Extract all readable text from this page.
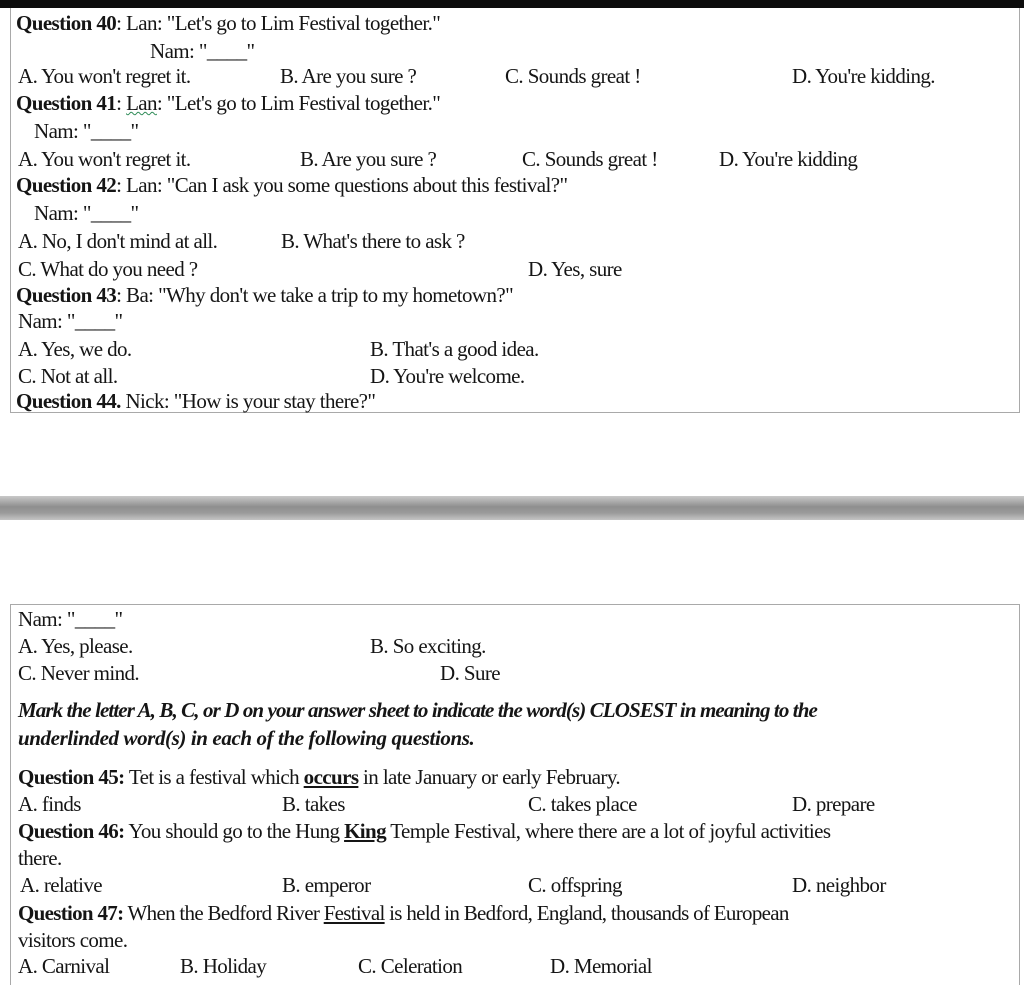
Question 40: Lan: "Let's go to Lim Festival together."
Nam: "____"
A. You won't regret it.	B. Are you sure ?	C. Sounds great !	D. You're kidding.
Question 41: Lan: "Let's go to Lim Festival together."
Nam: "____"
A. You won't regret it.	B. Are you sure ?	C. Sounds great !	D. You're kidding
Question 42: Lan: "Can I ask you some questions about this festival?"
Nam: "____"
A. No, I don't mind at all.	B. What's there to ask ?
C. What do you need ?	D. Yes, sure
Question 43: Ba: "Why don't we take a trip to my hometown?"
Nam: "____"
A. Yes, we do.	B. That's a good idea.
C. Not at all.	D. You're welcome.
Question 44. Nick: "How is your stay there?"
Nam: "____"
A. Yes, please.	B. So exciting.
C. Never mind.	D. Sure
Mark the letter A, B, C, or D on your answer sheet to indicate the word(s) CLOSEST in meaning to the
underlinded word(s) in each of the following questions.
Question 45: Tet is a festival which occurs in late January or early February.
A. finds	B. takes	C. takes place	D. prepare
Question 46: You should go to the Hung King Temple Festival, where there are a lot of joyful activities
there.
A. relative	B. emperor	C. offspring	D. neighbor
Question 47: When the Bedford River Festival is held in Bedford, England, thousands of European
visitors come.
A. Carnival	B. Holiday	C. Celeration	D. Memorial
